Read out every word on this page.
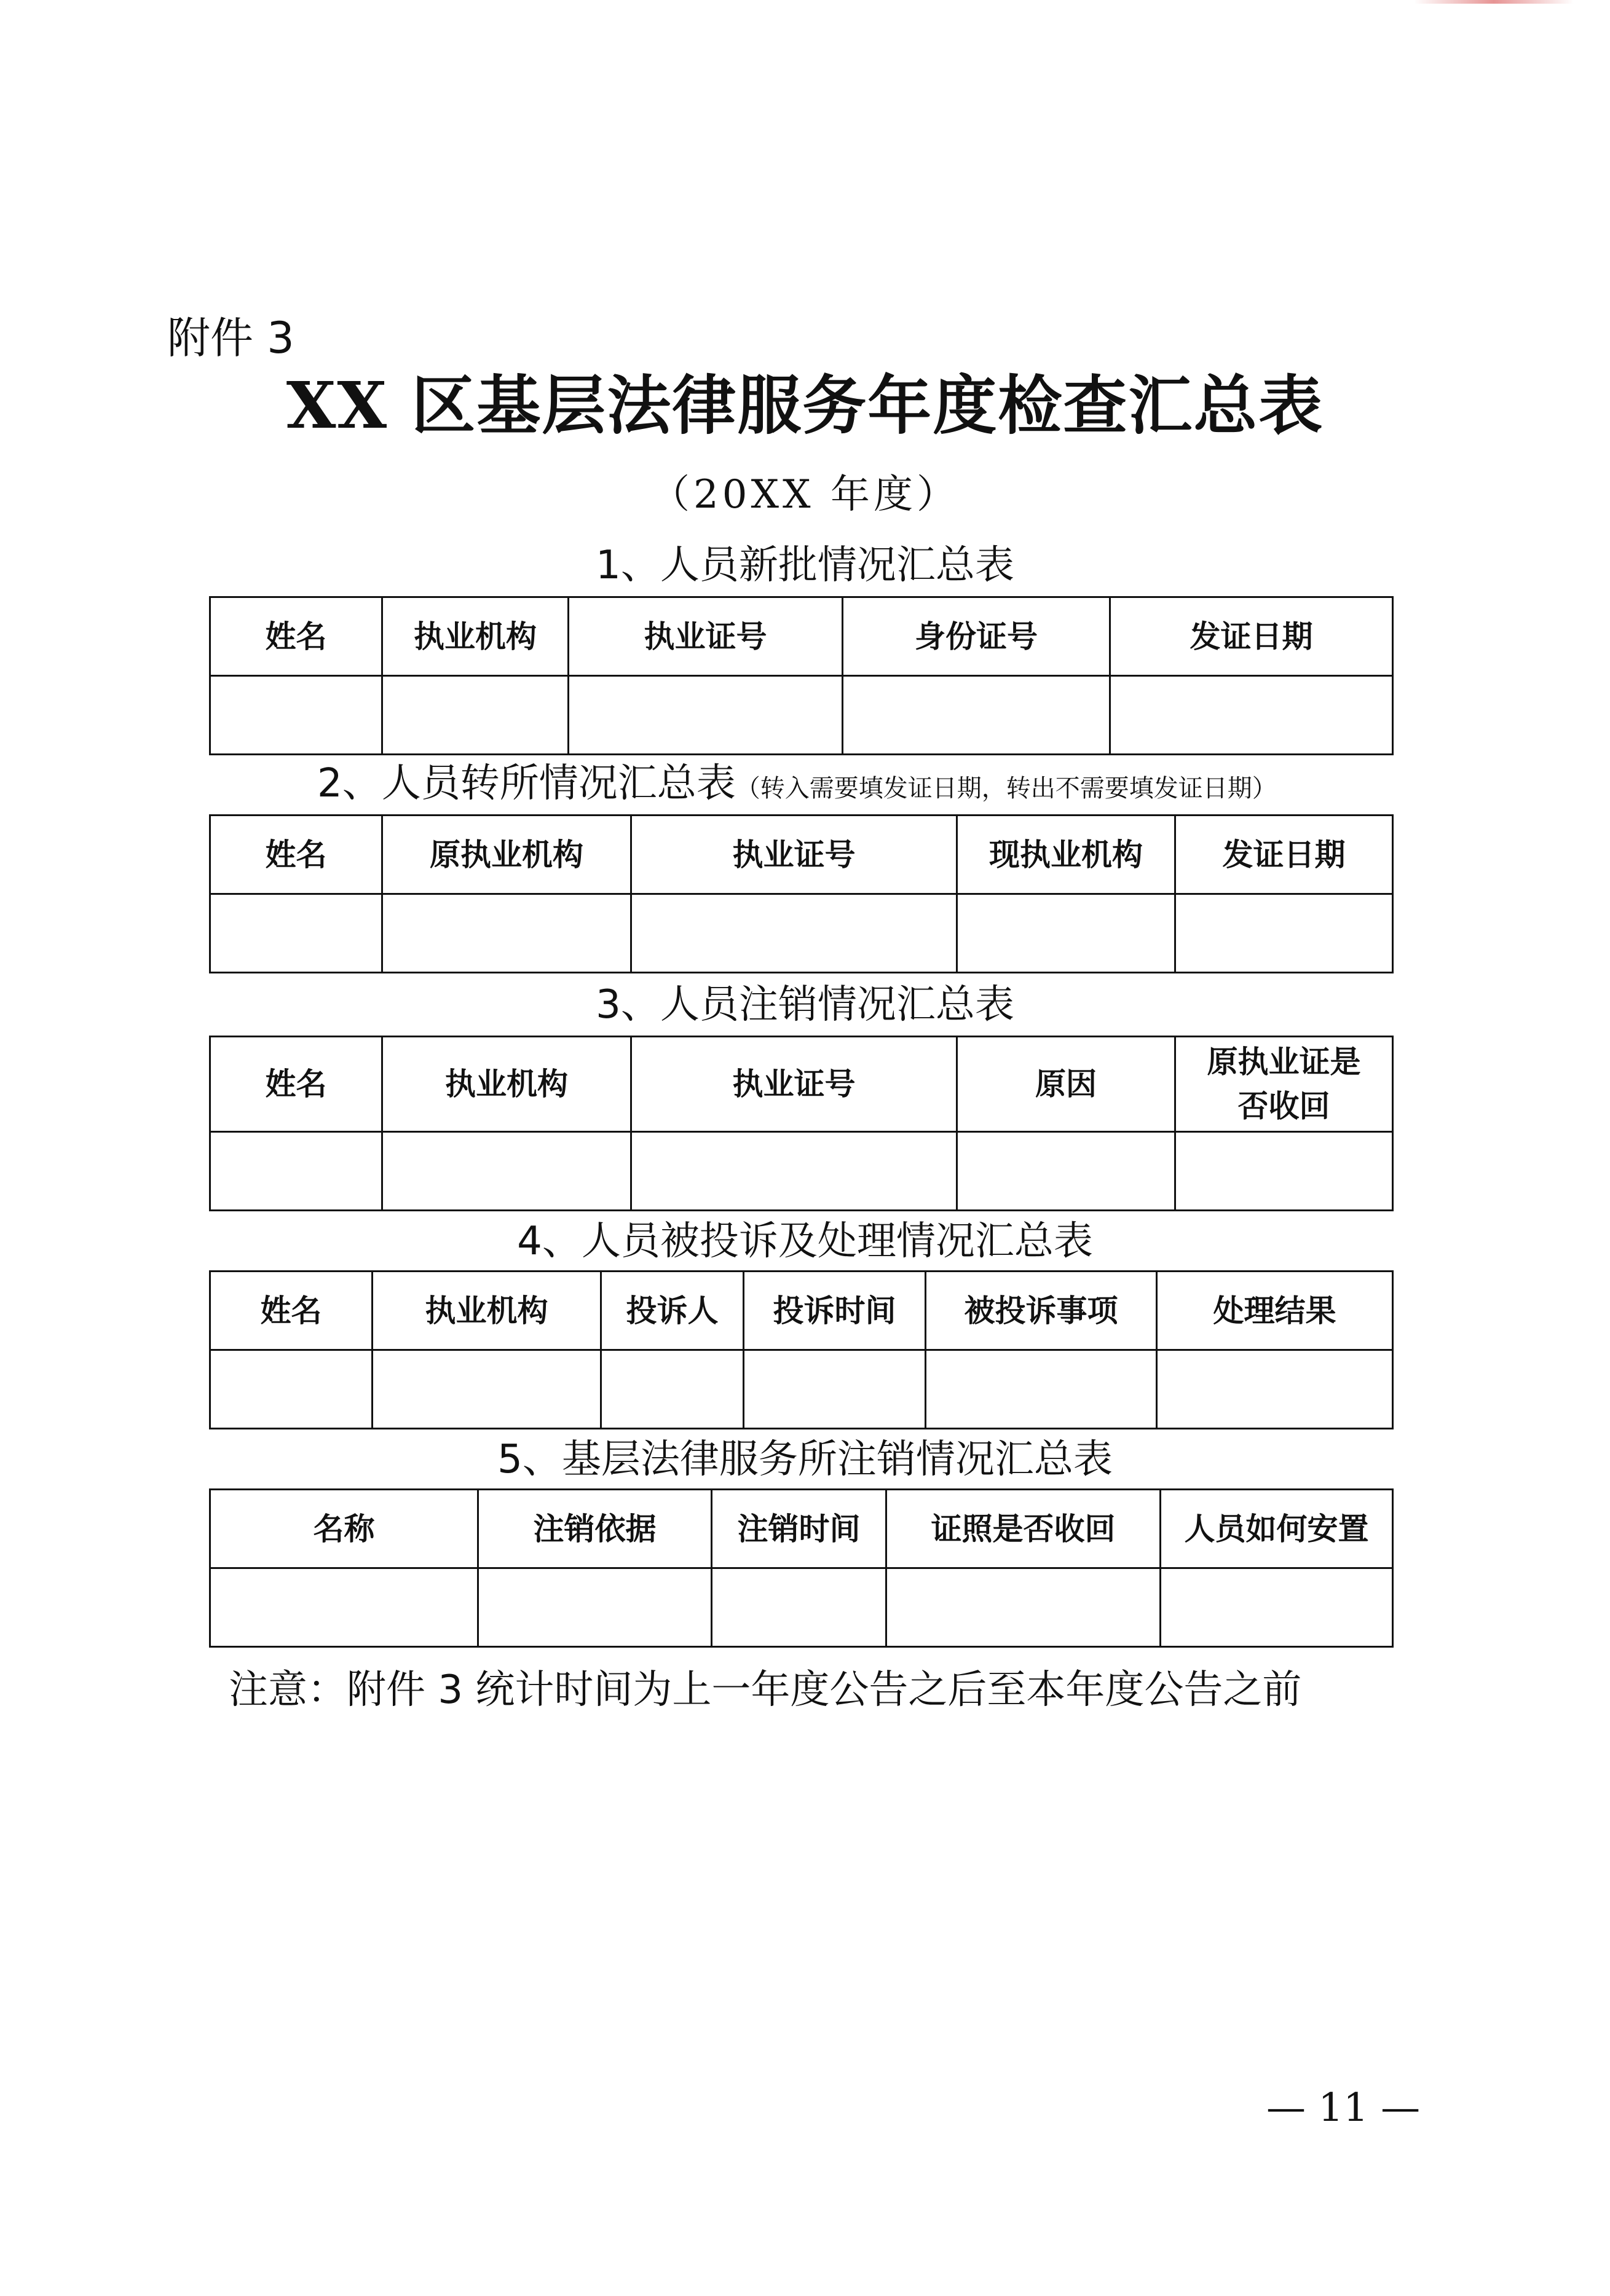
附件 3
XX 区基层法律服务年度检查汇总表
（20XX 年度）
1、人员新批情况汇总表
姓名	执业机构	执业证号	身份证号	发证日期

2、人员转所情况汇总表（转入需要填发证日期，转出不需要填发证日期）
姓名	原执业机构	执业证号	现执业机构	发证日期

3、人员注销情况汇总表
姓名	执业机构	执业证号	原因	原执业证是
否收回

4、人员被投诉及处理情况汇总表
姓名	执业机构	投诉人	投诉时间	被投诉事项	处理结果

5、基层法律服务所注销情况汇总表
名称	注销依据	注销时间	证照是否收回	人员如何安置

注意：附件 3 统计时间为上一年度公告之后至本年度公告之前
— 11 —
